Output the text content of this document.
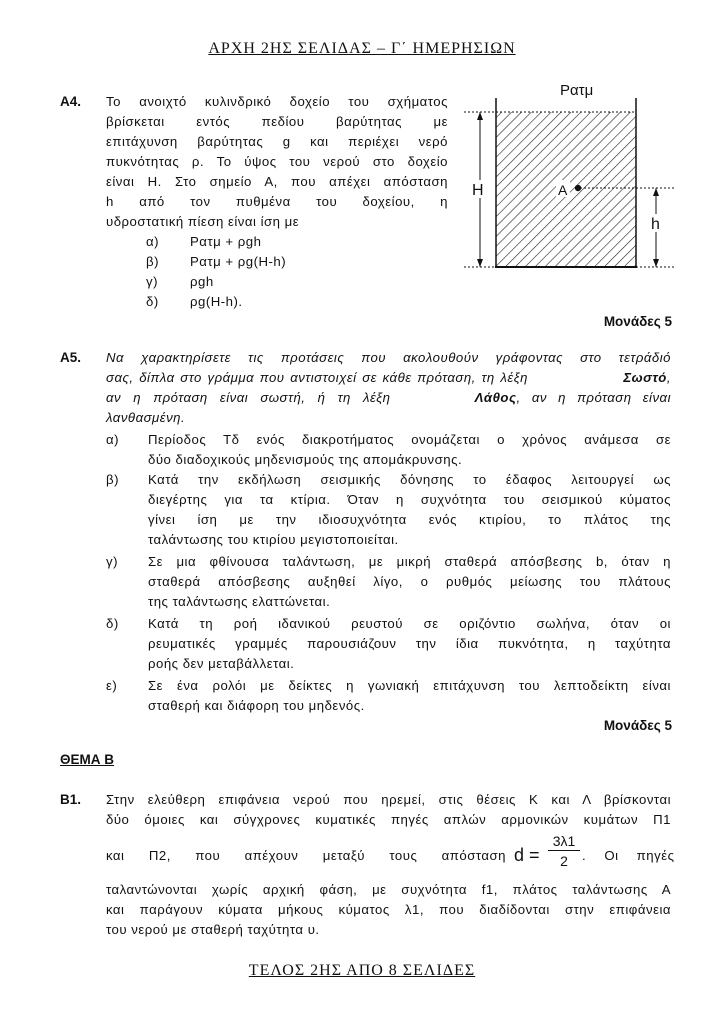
ΑΡΧΗ 2ΗΣ ΣΕΛΙΔΑΣ – Γ΄ ΗΜΕΡΗΣΙΩΝ
Α4. Το ανοιχτό κυλινδρικό δοχείο του σχήματος
βρίσκεται εντός πεδίου βαρύτητας με
επιτάχυνση βαρύτητας g και περιέχει νερό
πυκνότητας ρ. Το ύψος του νερού στο δοχείο
είναι Η. Στο σημείο Α, που απέχει απόσταση
h από τον πυθμένα του δοχείου, η
υδροστατική πίεση είναι ίση με
α) Ρατμ + ρgh
β) Ρατμ + ρg(H-h)
γ) ρgh
δ) ρg(H-h).
Μονάδες 5
Ρατμ
H	A
h
Α5. Να χαρακτηρίσετε τις προτάσεις που ακολουθούν γράφοντας στο τετράδιό
σας, δίπλα στο γράμμα που αντιστοιχεί σε κάθε πρόταση, τη λέξη	Σωστό,
αν η πρόταση είναι σωστή, ή τη λέξη	Λάθος, αν η πρόταση είναι
λανθασμένη.
α) Περίοδος Τδ ενός διακροτήματος ονομάζεται ο χρόνος ανάμεσα σε
δύο διαδοχικούς μηδενισμούς της απομάκρυνσης.
β) Κατά την εκδήλωση σεισμικής δόνησης το έδαφος λειτουργεί ως
διεγέρτης για τα κτίρια. Όταν η συχνότητα του σεισμικού κύματος
γίνει ίση με την ιδιοσυχνότητα ενός κτιρίου, το πλάτος της
ταλάντωσης του κτιρίου μεγιστοποιείται.
γ) Σε μια φθίνουσα ταλάντωση, με μικρή σταθερά απόσβεσης b, όταν η
σταθερά απόσβεσης αυξηθεί λίγο, ο ρυθμός μείωσης του πλάτους
της ταλάντωσης ελαττώνεται.
δ) Κατά τη ροή ιδανικού ρευστού σε οριζόντιο σωλήνα, όταν οι
ρευματικές γραμμές παρουσιάζουν την ίδια πυκνότητα, η ταχύτητα
ροής δεν μεταβάλλεται.
ε) Σε ένα ρολόι με δείκτες η γωνιακή επιτάχυνση του λεπτοδείκτη είναι
σταθερή και διάφορη του μηδενός.
Μονάδες 5
ΘΕΜΑ Β
Β1. Στην ελεύθερη επιφάνεια νερού που ηρεμεί, στις θέσεις Κ και Λ βρίσκονται
δύο όμοιες και σύγχρονες κυματικές πηγές απλών αρμονικών κυμάτων Π1
και Π2, που απέχουν μεταξύ τους απόσταση d =
3λ1
2	. Οι πηγές
ταλαντώνονται χωρίς αρχική φάση, με συχνότητα f1, πλάτος ταλάντωσης Α
και παράγουν κύματα μήκους κύματος λ1, που διαδίδονται στην επιφάνεια
του νερού με σταθερή ταχύτητα υ.
ΤΕΛΟΣ 2ΗΣ ΑΠΟ 8 ΣΕΛΙΔΕΣ
